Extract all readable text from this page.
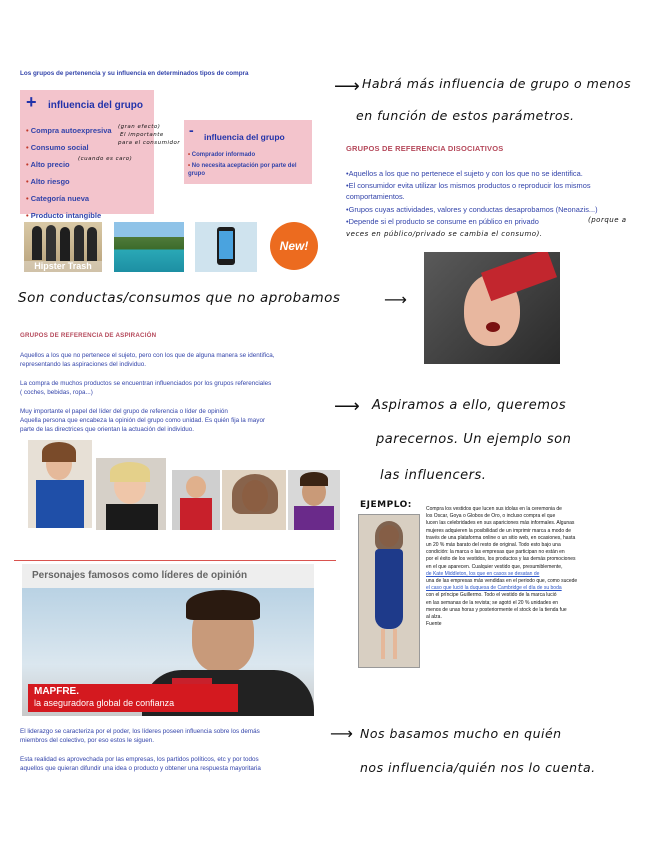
Los grupos de pertenencia y su influencia en determinados tipos de compra
+ influencia del grupo
• Compra autoexpresiva
• Consumo social
• Alto precio
• Alto riesgo
• Categoría nueva
• Producto intangible
(gran efecto)
El importante
para el consumidor
(cuando es caro)
- influencia del grupo
• Comprador informado
• No necesita aceptación por parte del grupo
Hipster Trash
New!
⟶ Habrá más influencia de grupo o menos
en función de estos parámetros.
GRUPOS DE REFERENCIA DISOCIATIVOS
•Aquellos a los que no pertenece el sujeto y con los que no se identifica.
•El consumidor evita utilizar los mismos productos o reproducir los mismos comportamientos.
•Grupos cuyas actividades, valores y conductas desaprobamos (Neonazis...)
•Depende si el producto se consume en público en privado	(porque a
veces en público/privado se cambia el consumo).
Son conductas/consumos que no aprobamos	⟶
GRUPOS DE REFERENCIA DE ASPIRACIÓN
Aquellos a los que no pertenece el sujeto, pero con los que de alguna manera se identifica,
representando las aspiraciones del individuo.
La compra de muchos productos se encuentran influenciados por los grupos referenciales
( coches, bebidas, ropa...)
Muy importante el papel del líder del grupo de referencia o líder de opinión
Aquella persona que encabeza la opinión del grupo como unidad. Es quién fija la mayor
parte de las directrices que orientan la actuación del individuo.
⟶ Aspiramos a ello, queremos
parecernos. Un ejemplo son
las influencers.
EJEMPLO:	Compra los vestidos que lucen sus idolas en la ceremonia de
los Oscar, Goya o Globos de Oro, o incluso compra el que
lucen las celebridades en sus apariciones más informales. Algunas
mujeres adquieren la posibilidad de un imprimir marca a modo de
través de una plataforma online o un sitio web, en ocasiones, hasta
un 20 % más barato del resto de original. Todo esto bajo una
condición: la marca o las empresas que participan no están en
por el éxito de los vestidos, los productos y las demás promociones
en el que aparecen. Cualquier vestido que, presumiblemente,
de Kate Middleton, los que en casos se desatan de
una de las empresas más vendidas en el periodo que, como sucede
el caso que lució la duquesa de Cambridge el día de su boda
con el príncipe Guillermo. Todo el vestido de la marca lució
en las semanas de la revista; se agotó el 20 % unidades en
menos de unas horas y posteriormente el stock de la tienda fue
al alza.
Fuente
Personajes famosos como líderes de opinión
MAPFRE.
la aseguradora global de confianza
El liderazgo se caracteriza por el poder, los líderes poseen influencia sobre los demás
miembros del colectivo, por eso estos le siguen.
Esta realidad es aprovechada por las empresas, los partidos políticos, etc y por todos
aquellos que quieran difundir una idea o producto y obtener una respuesta mayoritaria
⟶ Nos basamos mucho en quién
nos influencia/quién nos lo cuenta.
